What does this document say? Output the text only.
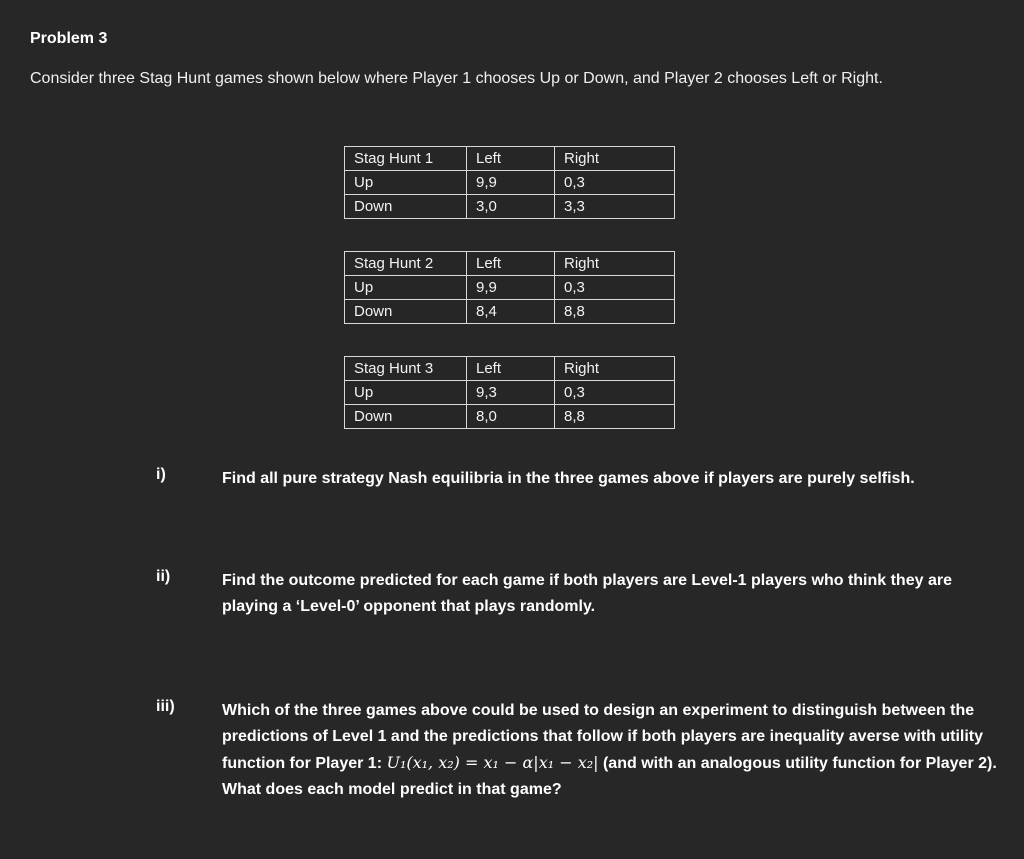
Problem 3
Consider three Stag Hunt games shown below where Player 1 chooses Up or Down, and Player 2 chooses Left or Right.
Stag Hunt 1	Left	Right
Up	9,9	0,3
Down	3,0	3,3
Stag Hunt 2	Left	Right
Up	9,9	0,3
Down	8,4	8,8
Stag Hunt 3	Left	Right
Up	9,3	0,3
Down	8,0	8,8
i)	Find all pure strategy Nash equilibria in the three games above if players are purely selfish.
ii)	Find the outcome predicted for each game if both players are Level-1 players who think they are playing a ‘Level-0’ opponent that plays randomly.
iii)	Which of the three games above could be used to design an experiment to distinguish between the predictions of Level 1 and the predictions that follow if both players are inequality averse with utility function for Player 1: U₁(x₁, x₂) = x₁ − α|x₁ − x₂| (and with an analogous utility function for Player 2). What does each model predict in that game?
